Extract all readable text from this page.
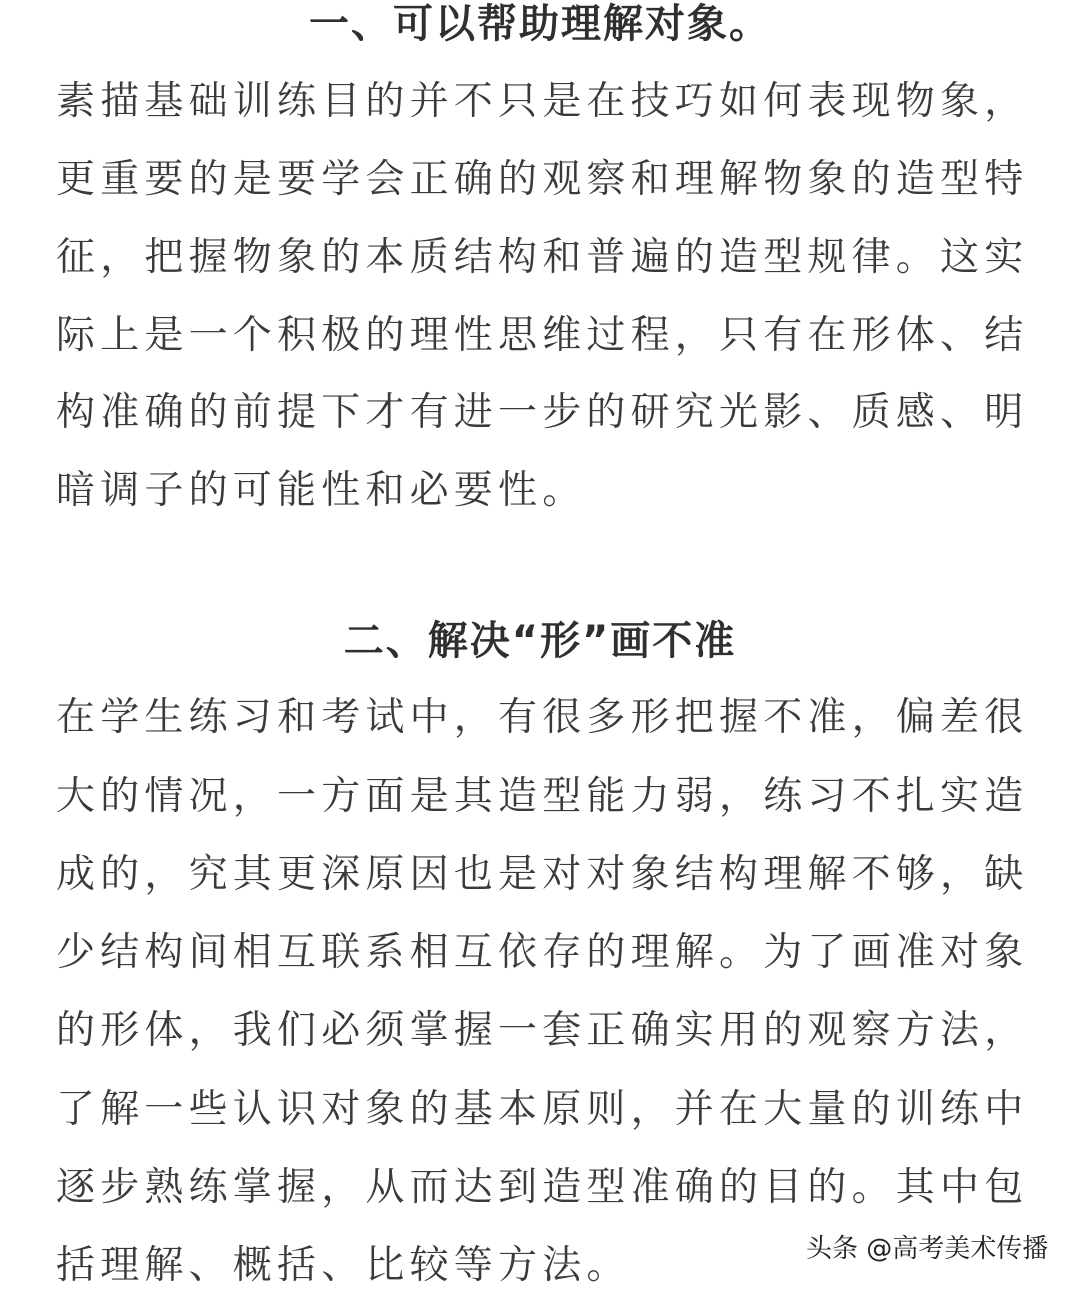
一、可以帮助理解对象。
素描基础训练目的并不只是在技巧如何表现物象，
更重要的是要学会正确的观察和理解物象的造型特
征，把握物象的本质结构和普遍的造型规律。这实
际上是一个积极的理性思维过程，只有在形体、结
构准确的前提下才有进一步的研究光影、质感、明
暗调子的可能性和必要性。
二、解决“形”画不准
在学生练习和考试中，有很多形把握不准，偏差很
大的情况，一方面是其造型能力弱，练习不扎实造
成的，究其更深原因也是对对象结构理解不够，缺
少结构间相互联系相互依存的理解。为了画准对象
的形体，我们必须掌握一套正确实用的观察方法，
了解一些认识对象的基本原则，并在大量的训练中
逐步熟练掌握，从而达到造型准确的目的。其中包
括理解、概括、比较等方法。	头条 @高考美术传播
